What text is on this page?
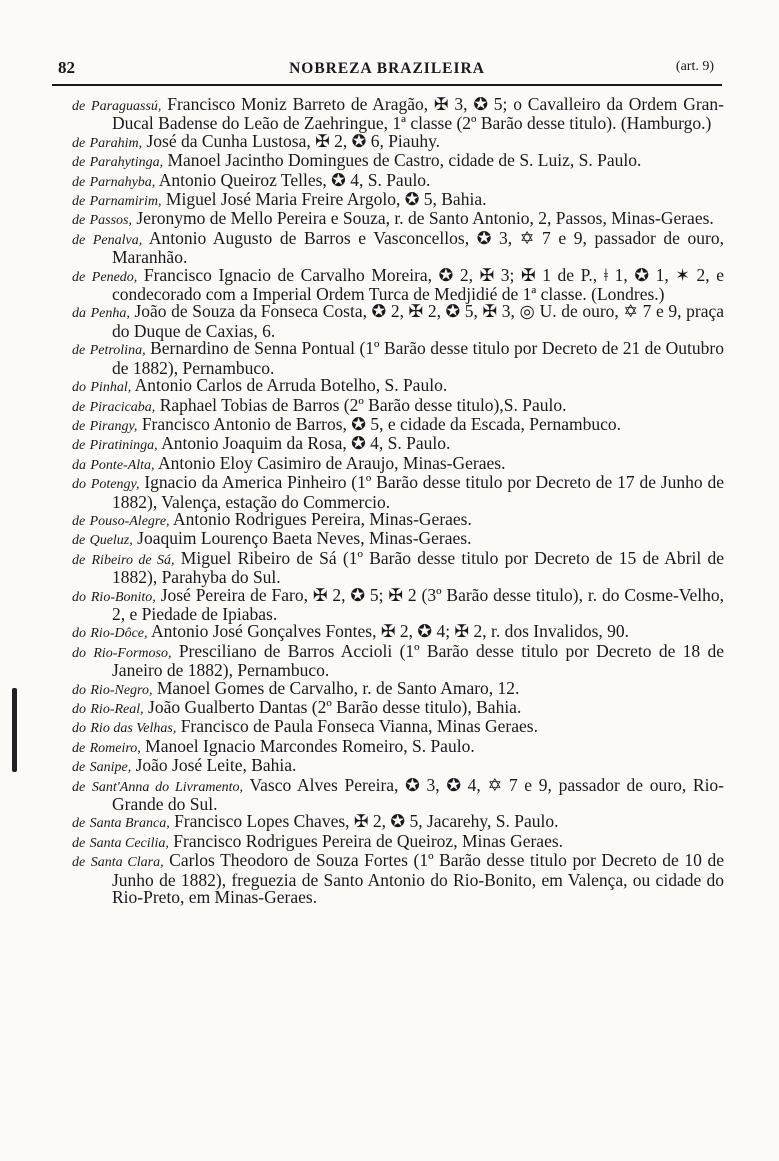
82	NOBREZA BRAZILEIRA	(art. 9)
de Paraguassú, Francisco Moniz Barreto de Aragão, ✠ 3, ✪ 5; o Cavalleiro da Ordem Gran-Ducal Badense do Leão de Zaehringue, 1ª classe (2º Barão desse titulo). (Hamburgo.)
de Parahim, José da Cunha Lustosa, ✠ 2, ✪ 6, Piauhy.
de Parahytinga, Manoel Jacintho Domingues de Castro, cidade de S. Luiz, S. Paulo.
de Parnahyba, Antonio Queiroz Telles, ✪ 4, S. Paulo.
de Parnamirim, Miguel José Maria Freire Argolo, ✪ 5, Bahia.
de Passos, Jeronymo de Mello Pereira e Souza, r. de Santo Antonio, 2, Passos, Minas-Geraes.
de Penalva, Antonio Augusto de Barros e Vasconcellos, ✪ 3, ✡ 7 e 9, passador de ouro, Maranhão.
de Penedo, Francisco Ignacio de Carvalho Moreira, ✪ 2, ✠ 3; ✠ 1 de P., ǂ 1, ✪ 1, ✶ 2, e condecorado com a Imperial Ordem Turca de Medjidié de 1ª classe. (Londres.)
da Penha, João de Souza da Fonseca Costa, ✪ 2, ✠ 2, ✪ 5, ✠ 3, ◎ U. de ouro, ✡ 7 e 9, praça do Duque de Caxias, 6.
de Petrolina, Bernardino de Senna Pontual (1º Barão desse titulo por Decreto de 21 de Outubro de 1882), Pernambuco.
do Pinhal, Antonio Carlos de Arruda Botelho, S. Paulo.
de Piracicaba, Raphael Tobias de Barros (2º Barão desse titulo),S. Paulo.
de Pirangy, Francisco Antonio de Barros, ✪ 5, e cidade da Escada, Pernambuco.
de Piratininga, Antonio Joaquim da Rosa, ✪ 4, S. Paulo.
da Ponte-Alta, Antonio Eloy Casimiro de Araujo, Minas-Geraes.
do Potengy, Ignacio da America Pinheiro (1º Barão desse titulo por Decreto de 17 de Junho de 1882), Valença, estação do Commercio.
de Pouso-Alegre, Antonio Rodrigues Pereira, Minas-Geraes.
de Queluz, Joaquim Lourenço Baeta Neves, Minas-Geraes.
de Ribeiro de Sá, Miguel Ribeiro de Sá (1º Barão desse titulo por Decreto de 15 de Abril de 1882), Parahyba do Sul.
do Rio-Bonito, José Pereira de Faro, ✠ 2, ✪ 5; ✠ 2 (3º Barão desse titulo), r. do Cosme-Velho, 2, e Piedade de Ipiabas.
do Rio-Dôce, Antonio José Gonçalves Fontes, ✠ 2, ✪ 4; ✠ 2, r. dos Invalidos, 90.
do Rio-Formoso, Presciliano de Barros Accioli (1º Barão desse titulo por Decreto de 18 de Janeiro de 1882), Pernambuco.
do Rio-Negro, Manoel Gomes de Carvalho, r. de Santo Amaro, 12.
do Rio-Real, João Gualberto Dantas (2º Barão desse titulo), Bahia.
do Rio das Velhas, Francisco de Paula Fonseca Vianna, Minas Geraes.
de Romeiro, Manoel Ignacio Marcondes Romeiro, S. Paulo.
de Sanipe, João José Leite, Bahia.
de Sant'Anna do Livramento, Vasco Alves Pereira, ✪ 3, ✪ 4, ✡ 7 e 9, passador de ouro, Rio-Grande do Sul.
de Santa Branca, Francisco Lopes Chaves, ✠ 2, ✪ 5, Jacarehy, S. Paulo.
de Santa Cecilia, Francisco Rodrigues Pereira de Queiroz, Minas Geraes.
de Santa Clara, Carlos Theodoro de Souza Fortes (1º Barão desse titulo por Decreto de 10 de Junho de 1882), freguezia de Santo Antonio do Rio-Bonito, em Valença, ou cidade do Rio-Preto, em Minas-Geraes.
